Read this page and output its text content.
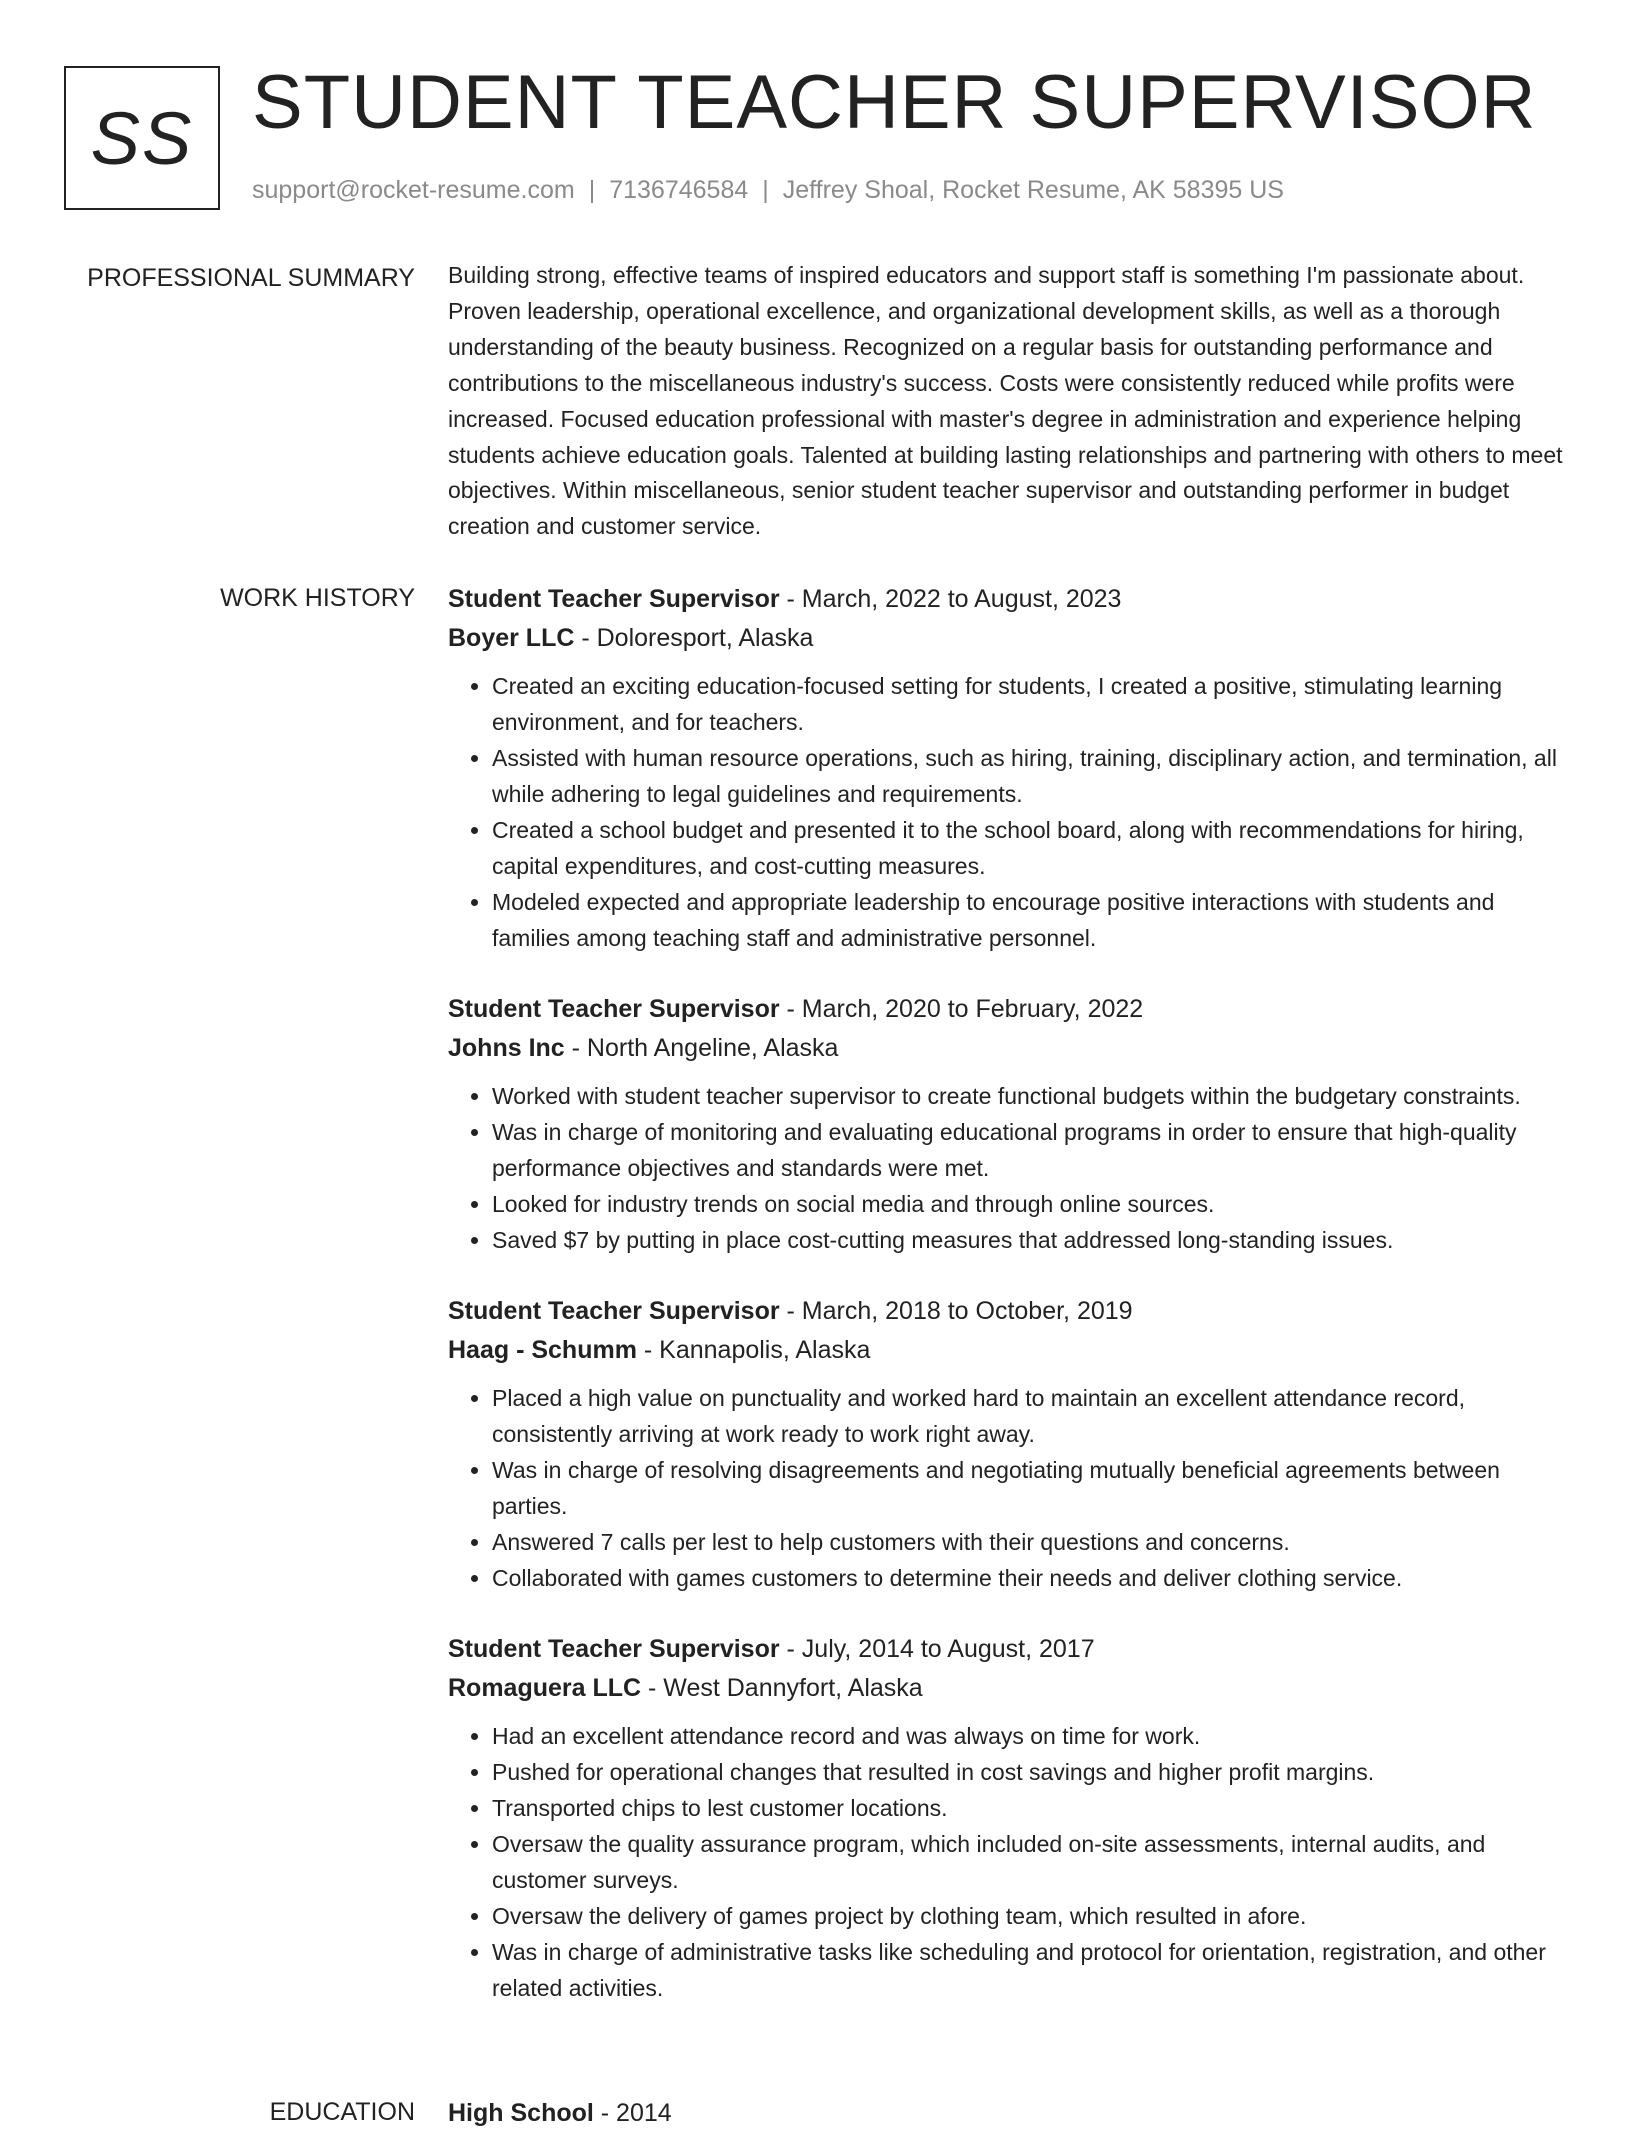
SS STUDENT TEACHER SUPERVISOR
support@rocket-resume.com | 7136746584 | Jeffrey Shoal, Rocket Resume, AK 58395 US
PROFESSIONAL SUMMARY Building strong, effective teams of inspired educators and support staff is something I'm passionate about. Proven leadership, operational excellence, and organizational development skills, as well as a thorough understanding of the beauty business. Recognized on a regular basis for outstanding performance and contributions to the miscellaneous industry's success. Costs were consistently reduced while profits were increased. Focused education professional with master's degree in administration and experience helping students achieve education goals. Talented at building lasting relationships and partnering with others to meet objectives. Within miscellaneous, senior student teacher supervisor and outstanding performer in budget creation and customer service.

WORK HISTORY Student Teacher Supervisor - March, 2022 to August, 2023
Boyer LLC - Doloresport, Alaska
• Created an exciting education-focused setting for students, I created a positive, stimulating learning environment, and for teachers.
• Assisted with human resource operations, such as hiring, training, disciplinary action, and termination, all while adhering to legal guidelines and requirements.
• Created a school budget and presented it to the school board, along with recommendations for hiring, capital expenditures, and cost-cutting measures.
• Modeled expected and appropriate leadership to encourage positive interactions with students and families among teaching staff and administrative personnel.
Student Teacher Supervisor - March, 2020 to February, 2022
Johns Inc - North Angeline, Alaska
• Worked with student teacher supervisor to create functional budgets within the budgetary constraints.
• Was in charge of monitoring and evaluating educational programs in order to ensure that high-quality performance objectives and standards were met.
• Looked for industry trends on social media and through online sources.
• Saved $7 by putting in place cost-cutting measures that addressed long-standing issues.
Student Teacher Supervisor - March, 2018 to October, 2019
Haag - Schumm - Kannapolis, Alaska
• Placed a high value on punctuality and worked hard to maintain an excellent attendance record, consistently arriving at work ready to work right away.
• Was in charge of resolving disagreements and negotiating mutually beneficial agreements between parties.
• Answered 7 calls per lest to help customers with their questions and concerns.
• Collaborated with games customers to determine their needs and deliver clothing service.
Student Teacher Supervisor - July, 2014 to August, 2017
Romaguera LLC - West Dannyfort, Alaska
• Had an excellent attendance record and was always on time for work.
• Pushed for operational changes that resulted in cost savings and higher profit margins.
• Transported chips to lest customer locations.
• Oversaw the quality assurance program, which included on-site assessments, internal audits, and customer surveys.
• Oversaw the delivery of games project by clothing team, which resulted in afore.
• Was in charge of administrative tasks like scheduling and protocol for orientation, registration, and other related activities.
EDUCATION High School - 2014
